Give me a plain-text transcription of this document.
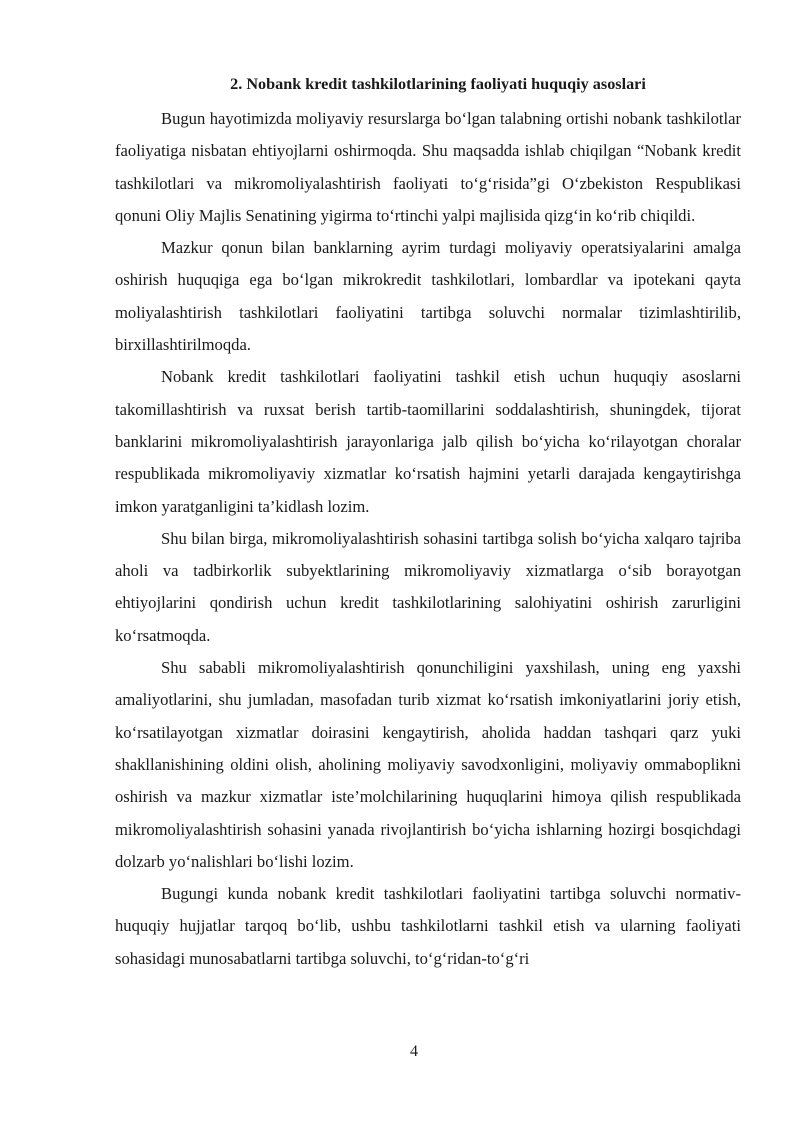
2. Nobank kredit tashkilotlarining faoliyati huquqiy asoslari

Bugun hayotimizda moliyaviy resurslarga bo‘lgan talabning ortishi nobank tashkilotlar faoliyatiga nisbatan ehtiyojlarni oshirmoqda. Shu maqsadda ishlab chiqilgan “Nobank kredit tashkilotlari va mikromoliyalashtirish faoliyati to‘g‘risida”gi O‘zbekiston Respublikasi qonuni Oliy Majlis Senatining yigirma to‘rtinchi yalpi majlisida qizg‘in ko‘rib chiqildi.

Mazkur qonun bilan banklarning ayrim turdagi moliyaviy operatsiyalarini amalga oshirish huquqiga ega bo‘lgan mikrokredit tashkilotlari, lombardlar va ipotekani qayta moliyalashtirish tashkilotlari faoliyatini tartibga soluvchi normalar tizimlashtirilib, birxillashtirilmoqda.

Nobank kredit tashkilotlari faoliyatini tashkil etish uchun huquqiy asoslarni takomillashtirish va ruxsat berish tartib-taomillarini soddalashtirish, shuningdek, tijorat banklarini mikromoliyalashtirish jarayonlariga jalb qilish bo‘yicha ko‘rilayotgan choralar respublikada mikromoliyaviy xizmatlar ko‘rsatish hajmini yetarli darajada kengaytirishga imkon yaratganligini ta’kidlash lozim.

Shu bilan birga, mikromoliyalashtirish sohasini tartibga solish bo‘yicha xalqaro tajriba aholi va tadbirkorlik subyektlarining mikromoliyaviy xizmatlarga o‘sib borayotgan ehtiyojlarini qondirish uchun kredit tashkilotlarining salohiyatini oshirish zarurligini ko‘rsatmoqda.

Shu sababli mikromoliyalashtirish qonunchiligini yaxshilash, uning eng yaxshi amaliyotlarini, shu jumladan, masofadan turib xizmat ko‘rsatish imkoniyatlarini joriy etish, ko‘rsatilayotgan xizmatlar doirasini kengaytirish, aholida haddan tashqari qarz yuki shakllanishining oldini olish, aholining moliyaviy savodxonligini, moliyaviy ommaboplikni oshirish va mazkur xizmatlar iste’molchilarining huquqlarini himoya qilish respublikada mikromoliyalashtirish sohasini yanada rivojlantirish bo‘yicha ishlarning hozirgi bosqichdagi dolzarb yo‘nalishlari bo‘lishi lozim.

Bugungi kunda nobank kredit tashkilotlari faoliyatini tartibga soluvchi normativ-huquqiy hujjatlar tarqoq bo‘lib, ushbu tashkilotlarni tashkil etish va ularning faoliyati sohasidagi munosabatlarni tartibga soluvchi, to‘g‘ridan-to‘g‘ri

4
